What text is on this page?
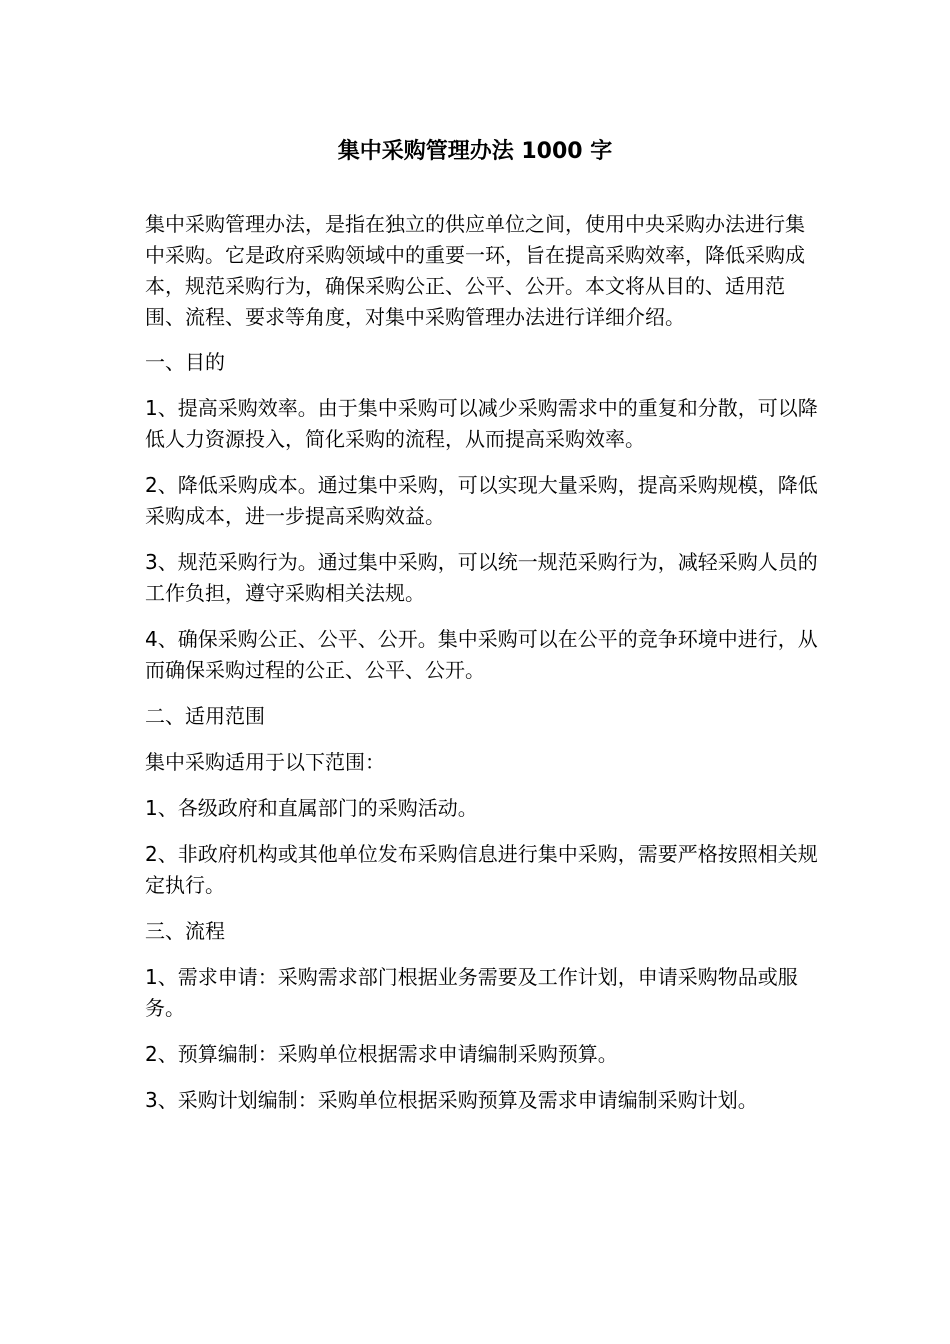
集中采购管理办法 1000 字

集中采购管理办法，是指在独立的供应单位之间，使用中央采购办法进行集中采购。它是政府采购领域中的重要一环，旨在提高采购效率，降低采购成本，规范采购行为，确保采购公正、公平、公开。本文将从目的、适用范围、流程、要求等角度，对集中采购管理办法进行详细介绍。

一、目的

1、提高采购效率。由于集中采购可以减少采购需求中的重复和分散，可以降低人力资源投入，简化采购的流程，从而提高采购效率。

2、降低采购成本。通过集中采购，可以实现大量采购，提高采购规模，降低采购成本，进一步提高采购效益。

3、规范采购行为。通过集中采购，可以统一规范采购行为，减轻采购人员的工作负担，遵守采购相关法规。

4、确保采购公正、公平、公开。集中采购可以在公平的竞争环境中进行，从而确保采购过程的公正、公平、公开。

二、适用范围

集中采购适用于以下范围：

1、各级政府和直属部门的采购活动。

2、非政府机构或其他单位发布采购信息进行集中采购，需要严格按照相关规定执行。

三、流程

1、需求申请：采购需求部门根据业务需要及工作计划，申请采购物品或服务。

2、预算编制：采购单位根据需求申请编制采购预算。

3、采购计划编制：采购单位根据采购预算及需求申请编制采购计划。
